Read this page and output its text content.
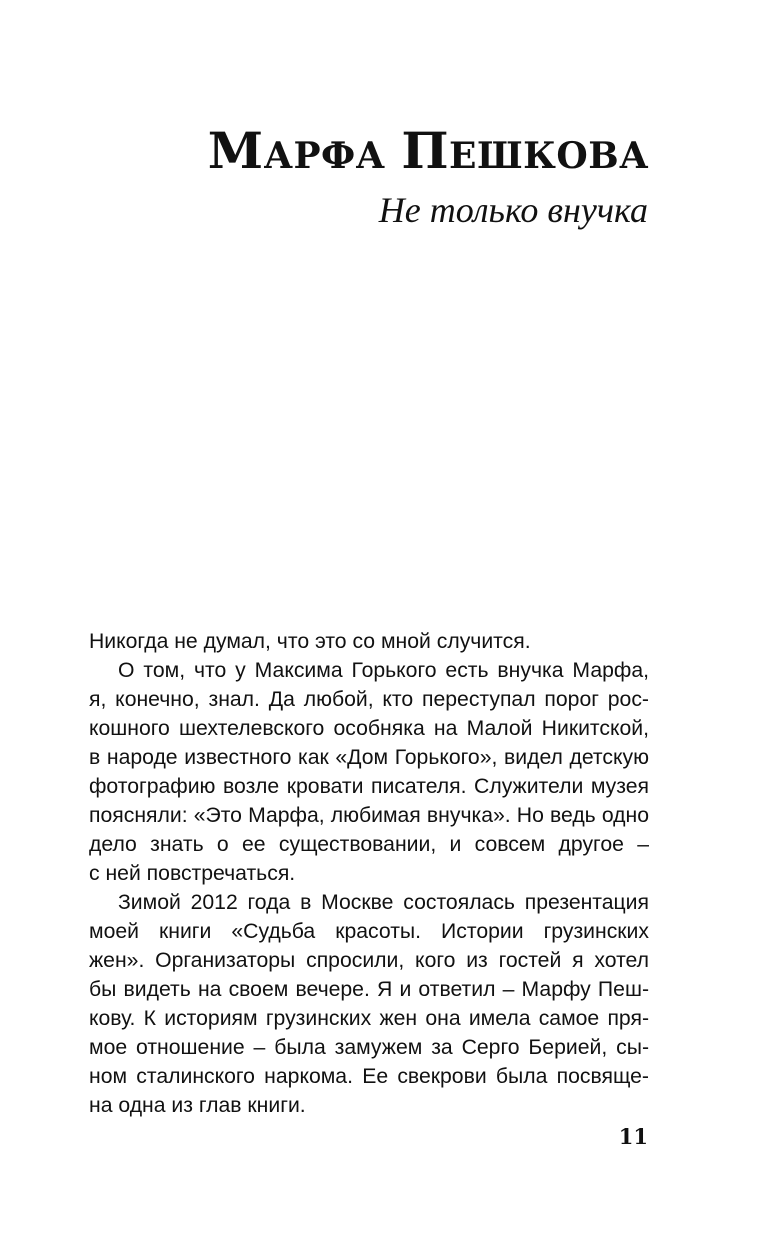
МАРФА ПЕШКОВА
Не только внучка
Никогда не думал, что это со мной случится.
О том, что у Максима Горького есть внучка Марфа,
я, конечно, знал. Да любой, кто переступал порог рос-
кошного шехтелевского особняка на Малой Никитской,
в народе известного как «Дом Горького», видел детскую
фотографию возле кровати писателя. Служители музея
поясняли: «Это Марфа, любимая внучка». Но ведь одно
дело знать о ее существовании, и совсем другое –
с ней повстречаться.
Зимой 2012 года в Москве состоялась презентация
моей книги «Судьба красоты. Истории грузинских
жен». Организаторы спросили, кого из гостей я хотел
бы видеть на своем вечере. Я и ответил – Марфу Пеш-
кову. К историям грузинских жен она имела самое пря-
мое отношение – была замужем за Серго Берией, сы-
ном сталинского наркома. Ее свекрови была посвяще-
на одна из глав книги.
11
